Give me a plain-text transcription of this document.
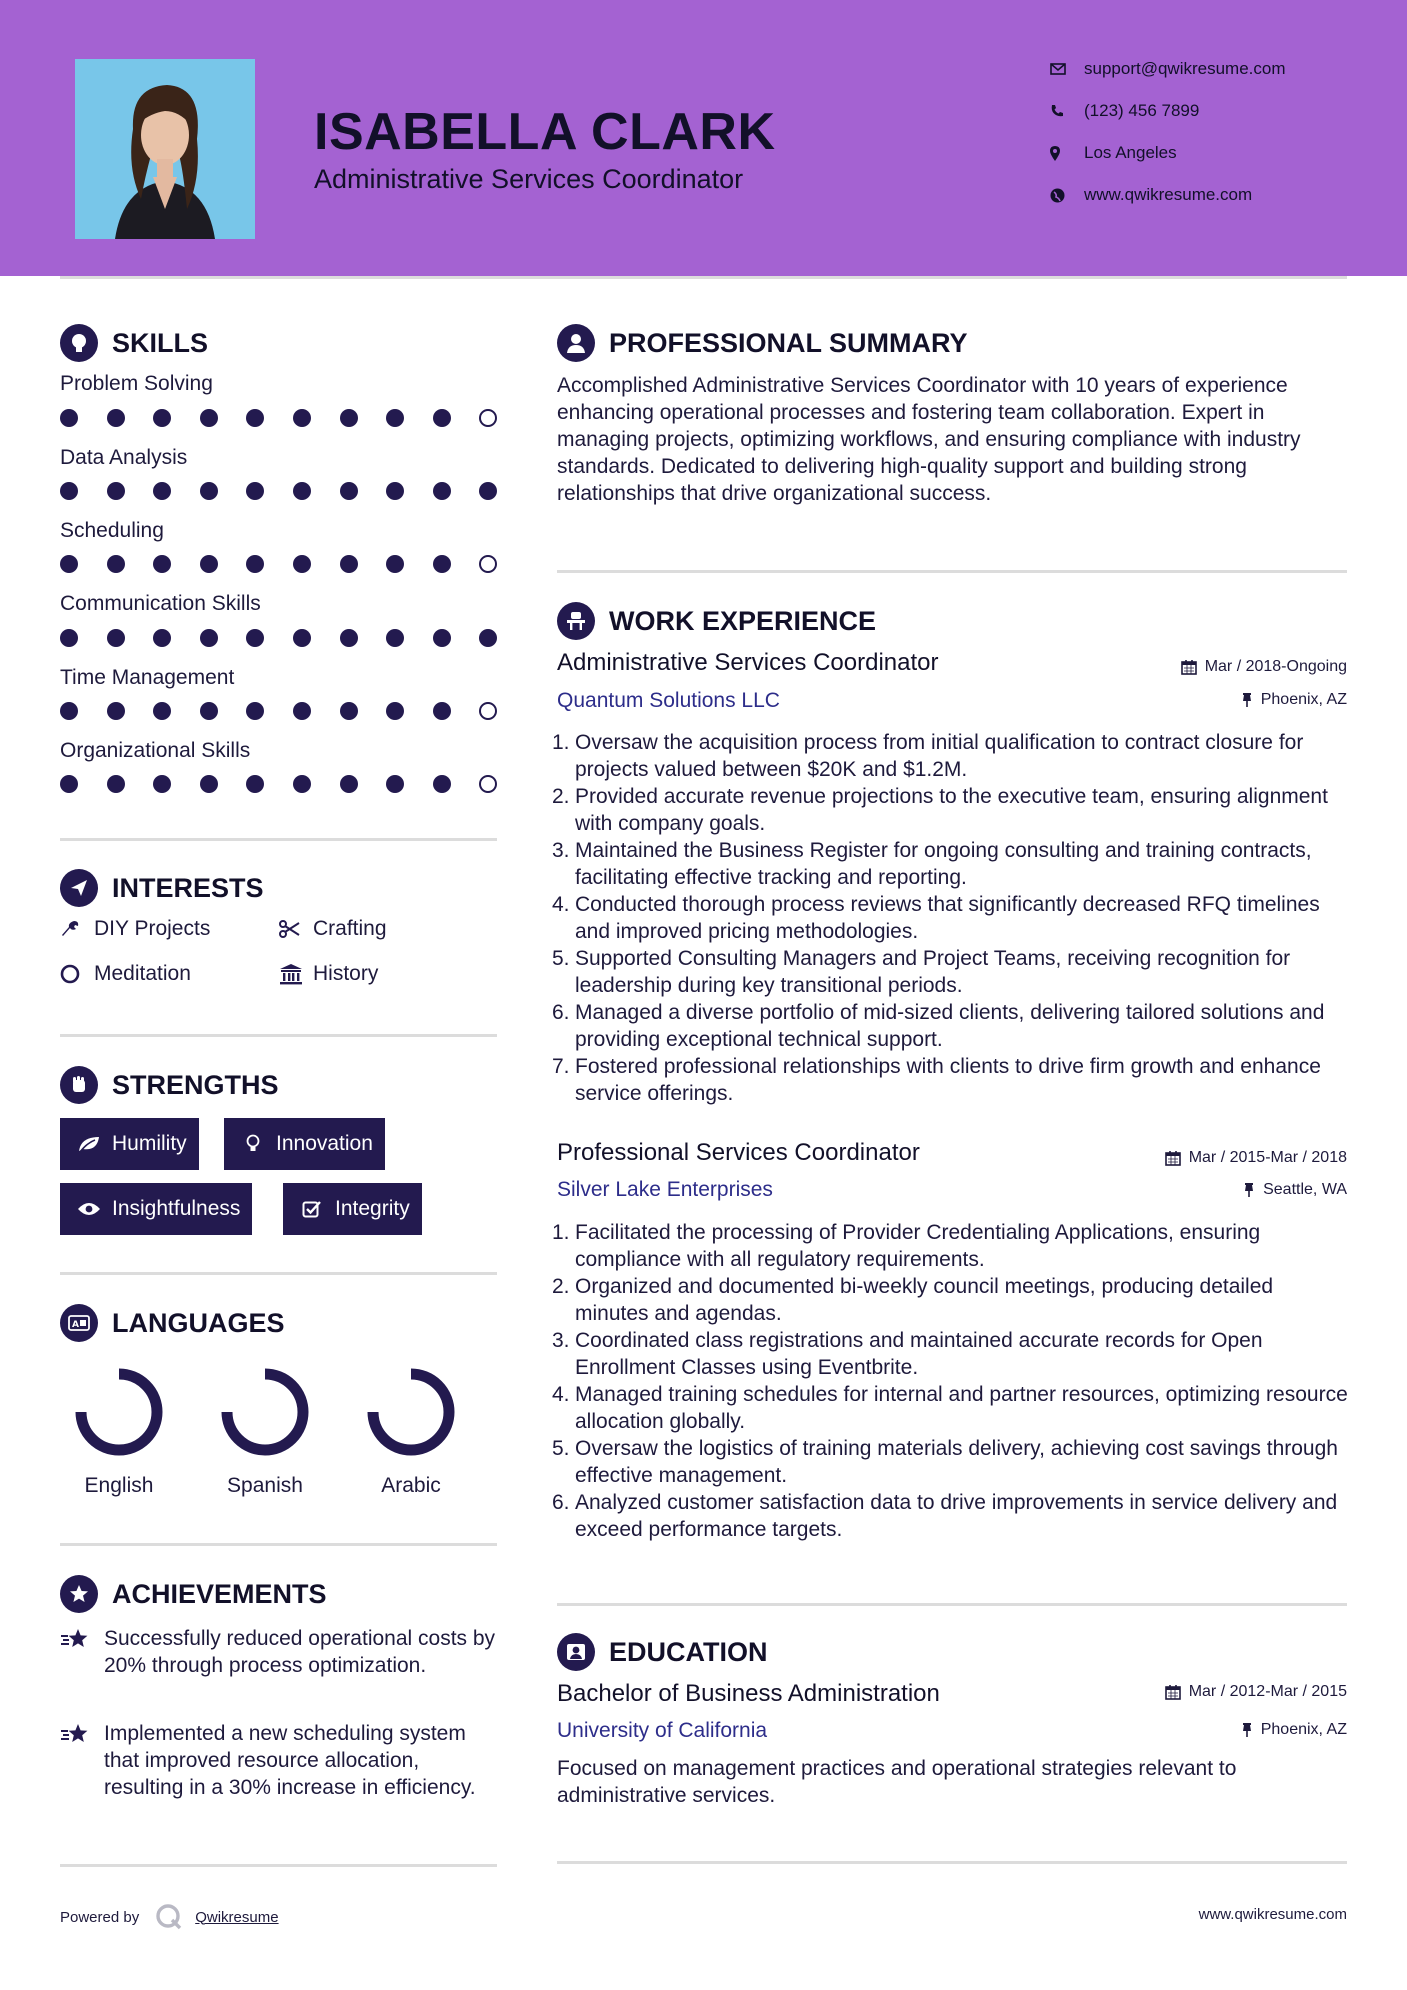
ISABELLA CLARK
Administrative Services Coordinator
support@qwikresume.com
(123) 456 7899
Los Angeles
www.qwikresume.com
SKILLS
Problem Solving
Data Analysis
Scheduling
Communication Skills
Time Management
Organizational Skills
INTERESTS
DIY Projects	Crafting
Meditation	History
STRENGTHS
Humility	Innovation
Insightfulness	Integrity
A LANGUAGES
English	Spanish	Arabic
ACHIEVEMENTS
Successfully reduced operational costs by 20% through process optimization.
Implemented a new scheduling system that improved resource allocation, resulting in a 30% increase in efficiency.
PROFESSIONAL SUMMARY
Accomplished Administrative Services Coordinator with 10 years of experience enhancing operational processes and fostering team collaboration. Expert in managing projects, optimizing workflows, and ensuring compliance with industry standards. Dedicated to delivering high-quality support and building strong relationships that drive organizational success.
WORK EXPERIENCE
Administrative Services Coordinator	Mar / 2018-Ongoing
Quantum Solutions LLC	Phoenix, AZ
1. Oversaw the acquisition process from initial qualification to contract closure for projects valued between $20K and $1.2M.
2. Provided accurate revenue projections to the executive team, ensuring alignment with company goals.
3. Maintained the Business Register for ongoing consulting and training contracts, facilitating effective tracking and reporting.
4. Conducted thorough process reviews that significantly decreased RFQ timelines and improved pricing methodologies.
5. Supported Consulting Managers and Project Teams, receiving recognition for leadership during key transitional periods.
6. Managed a diverse portfolio of mid-sized clients, delivering tailored solutions and providing exceptional technical support.
7. Fostered professional relationships with clients to drive firm growth and enhance service offerings.
Professional Services Coordinator	Mar / 2015-Mar / 2018
Silver Lake Enterprises	Seattle, WA
1. Facilitated the processing of Provider Credentialing Applications, ensuring compliance with all regulatory requirements.
2. Organized and documented bi-weekly council meetings, producing detailed minutes and agendas.
3. Coordinated class registrations and maintained accurate records for Open Enrollment Classes using Eventbrite.
4. Managed training schedules for internal and partner resources, optimizing resource allocation globally.
5. Oversaw the logistics of training materials delivery, achieving cost savings through effective management.
6. Analyzed customer satisfaction data to drive improvements in service delivery and exceed performance targets.
EDUCATION
Bachelor of Business Administration	Mar / 2012-Mar / 2015
University of California	Phoenix, AZ
Focused on management practices and operational strategies relevant to administrative services.
Powered by	Qwikresume	www.qwikresume.com
